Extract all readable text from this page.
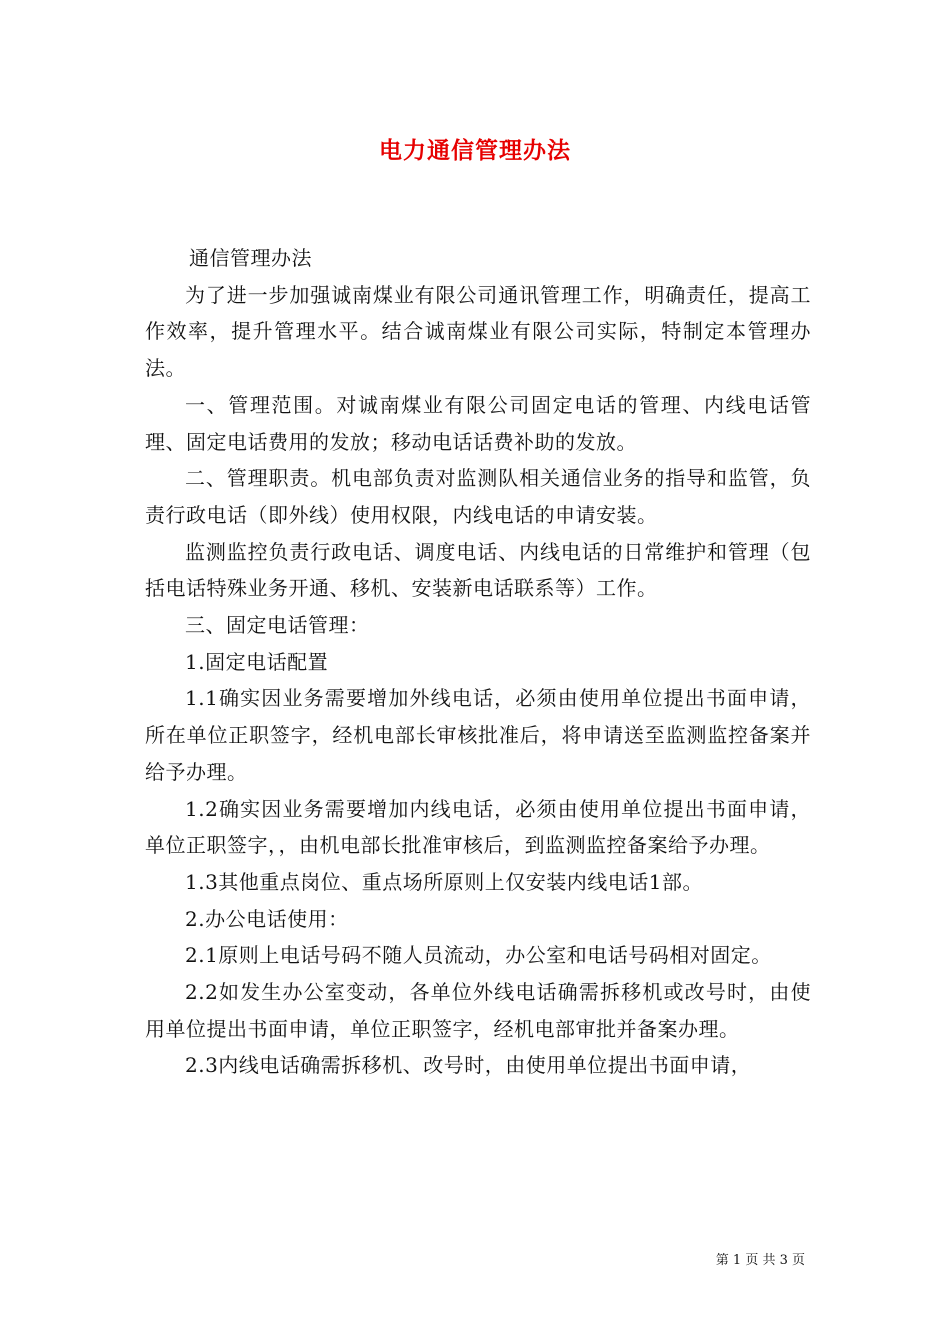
电力通信管理办法

通信管理办法

为了进一步加强诚南煤业有限公司通讯管理工作，明确责任，提高工作效率，提升管理水平。结合诚南煤业有限公司实际，特制定本管理办法。

一、管理范围。对诚南煤业有限公司固定电话的管理、内线电话管理、固定电话费用的发放；移动电话话费补助的发放。

二、管理职责。机电部负责对监测队相关通信业务的指导和监管，负责行政电话（即外线）使用权限，内线电话的申请安装。

监测监控负责行政电话、调度电话、内线电话的日常维护和管理（包括电话特殊业务开通、移机、安装新电话联系等）工作。

三、固定电话管理：

1.固定电话配置

1.1确实因业务需要增加外线电话，必须由使用单位提出书面申请，所在单位正职签字，经机电部长审核批准后，将申请送至监测监控备案并给予办理。

1.2确实因业务需要增加内线电话，必须由使用单位提出书面申请，单位正职签字，，由机电部长批准审核后，到监测监控备案给予办理。

1.3其他重点岗位、重点场所原则上仅安装内线电话1部。

2.办公电话使用：

2.1原则上电话号码不随人员流动，办公室和电话号码相对固定。

2.2如发生办公室变动，各单位外线电话确需拆移机或改号时，由使用单位提出书面申请，单位正职签字，经机电部审批并备案办理。

2.3内线电话确需拆移机、改号时，由使用单位提出书面申请，

第 1 页 共 3 页
